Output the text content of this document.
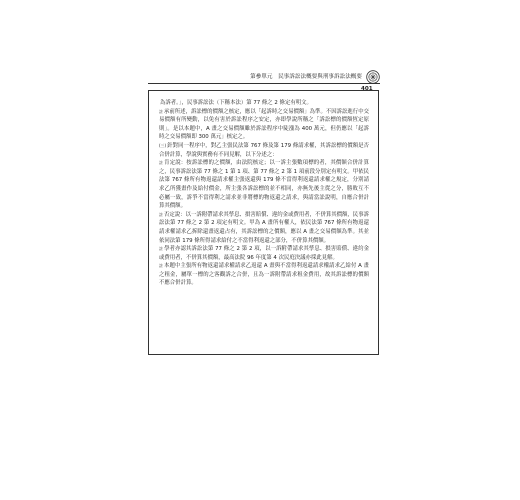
第參單元　民事訴訟法概要與刑事訴訟法概要
401

為訴者。」，民事訴訟法（下稱本法）第 77 條之 2 條定有明文。

註承前所述，訴訟標的價額之核定，應以「起訴時之交易價額」為準。不因訴訟進行中交易價額有所變動，以免有害於訴訟程序之安定，亦即學說所稱之「訴訟標的價額恆定原則」。是以本題中，A 畫之交易價額雖於訴訟程序中陡漲為 400 萬元，但仍應以「起訴時之交易價額即 300 萬元」核定之。

(三)針對同一程序中，對乙主張民法第 767 條及第 179 條請求權，其訴訟標的價額是否合併計算，學說與實務有不同見解，以下分述之：

註肯定說：按訴訟標的之價額，由法院核定；以一訴主張數項標的者，其價額合併計算之，民事訴訟法第 77 條之 1 第 1 項、第 77 條之 2 第 1 項前段分別定有明文。甲依民法第 767 條所有物返還請求權主張返還與 179 條不當得利返還請求權之規定，分別請求乙所獲畫作及給付價金，所主張各訴訟標的並不相同，亦無先後主從之分，勝敗互不必屬一致，訴爭不當得利之請求並非將標的物返還之請求，與請當訟說明，自應合併計算其價額。

註否定說：以一訴附帶請求其孳息、損害賠償、違約金或費用者，不併算其價額，民事訴訟法第 77 條之 2 第 2 項定有明文。甲為 A 畫所有權人，依民法第 767 條所有物返還請求權請求乙拆除還畫返還占有，其訴訟標的之價額，應以 A 畫之交易價額為準。其並依同法第 179 條所得請求給付之不當得利返還之部分，不併算其價額。

註學者亦認其訴訟法第 77 條之 2 第 2 項，以一訴附帶請求其孳息、損害賠償、違約金或費用者，不併算其價額，最高法院 96 年度第 4 次民庭決議亦採此見解。

註本題中主張所有物返還請求權請求乙返還 A 畫與不當得利返還請求權請求乙給付 A 畫之租金，屬單一標的之客觀訴之合併，且為一訴附帶請求租金費用，故其訴訟標的價額不應合併計算。
